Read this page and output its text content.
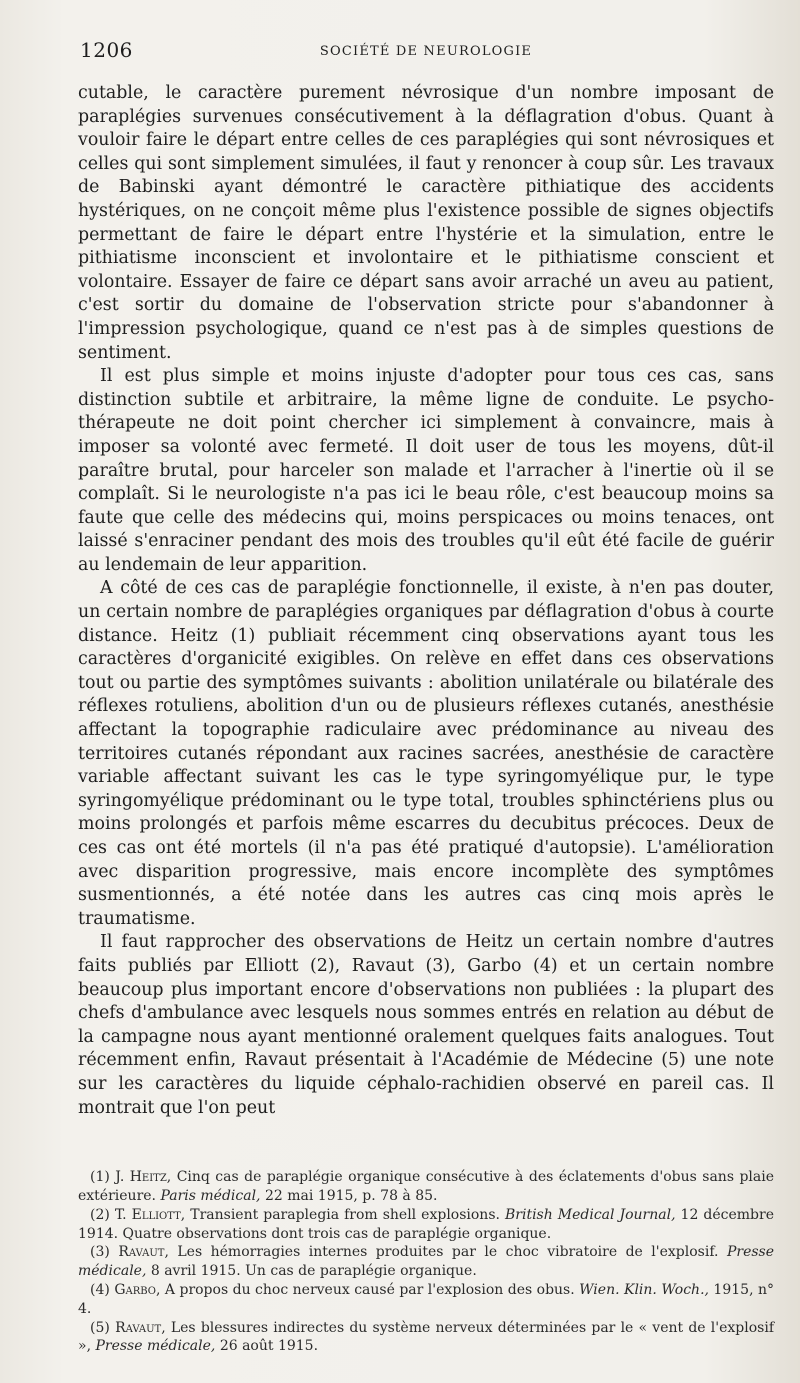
1206	SOCIÉTÉ DE NEUROLOGIE

cutable, le caractère purement névrosique d'un nombre imposant de paraplégies survenues consécutivement à la déflagration d'obus. Quant à vouloir faire le départ entre celles de ces paraplégies qui sont névrosiques et celles qui sont simplement simulées, il faut y renoncer à coup sûr. Les travaux de Babinski ayant démontré le caractère pithiatique des accidents hystériques, on ne conçoit même plus l'existence possible de signes objectifs permettant de faire le départ entre l'hystérie et la simulation, entre le pithiatisme inconscient et involontaire et le pithiatisme conscient et volontaire. Essayer de faire ce départ sans avoir arraché un aveu au patient, c'est sortir du domaine de l'observation stricte pour s'abandonner à l'impression psychologique, quand ce n'est pas à de simples questions de sentiment.

Il est plus simple et moins injuste d'adopter pour tous ces cas, sans distinction subtile et arbitraire, la même ligne de conduite. Le psycho-thérapeute ne doit point chercher ici simplement à convaincre, mais à imposer sa volonté avec fermeté. Il doit user de tous les moyens, dût-il paraître brutal, pour harceler son malade et l'arracher à l'inertie où il se complaît. Si le neurologiste n'a pas ici le beau rôle, c'est beaucoup moins sa faute que celle des médecins qui, moins perspicaces ou moins tenaces, ont laissé s'enraciner pendant des mois des troubles qu'il eût été facile de guérir au lendemain de leur apparition.

A côté de ces cas de paraplégie fonctionnelle, il existe, à n'en pas douter, un certain nombre de paraplégies organiques par déflagration d'obus à courte distance. Heitz (1) publiait récemment cinq observations ayant tous les caractères d'organicité exigibles. On relève en effet dans ces observations tout ou partie des symptômes suivants : abolition unilatérale ou bilatérale des réflexes rotuliens, abolition d'un ou de plusieurs réflexes cutanés, anesthésie affectant la topographie radiculaire avec prédominance au niveau des territoires cutanés répondant aux racines sacrées, anesthésie de caractère variable affectant suivant les cas le type syringomyélique pur, le type syringomyélique prédominant ou le type total, troubles sphinctériens plus ou moins prolongés et parfois même escarres du decubitus précoces. Deux de ces cas ont été mortels (il n'a pas été pratiqué d'autopsie). L'amélioration avec disparition progressive, mais encore incomplète des symptômes susmentionnés, a été notée dans les autres cas cinq mois après le traumatisme.

Il faut rapprocher des observations de Heitz un certain nombre d'autres faits publiés par Elliott (2), Ravaut (3), Garbo (4) et un certain nombre beaucoup plus important encore d'observations non publiées : la plupart des chefs d'ambulance avec lesquels nous sommes entrés en relation au début de la campagne nous ayant mentionné oralement quelques faits analogues. Tout récemment enfin, Ravaut présentait à l'Académie de Médecine (5) une note sur les caractères du liquide céphalo-rachidien observé en pareil cas. Il montrait que l'on peut

(1) J. Heitz, Cinq cas de paraplégie organique consécutive à des éclatements d'obus sans plaie extérieure. Paris médical, 22 mai 1915, p. 78 à 85.

(2) T. Elliott, Transient paraplegia from shell explosions. British Medical Journal, 12 décembre 1914. Quatre observations dont trois cas de paraplégie organique.

(3) Ravaut, Les hémorragies internes produites par le choc vibratoire de l'explosif. Presse médicale, 8 avril 1915. Un cas de paraplégie organique.

(4) Garbo, A propos du choc nerveux causé par l'explosion des obus. Wien. Klin. Woch., 1915, n° 4.

(5) Ravaut, Les blessures indirectes du système nerveux déterminées par le « vent de l'explosif », Presse médicale, 26 août 1915.
